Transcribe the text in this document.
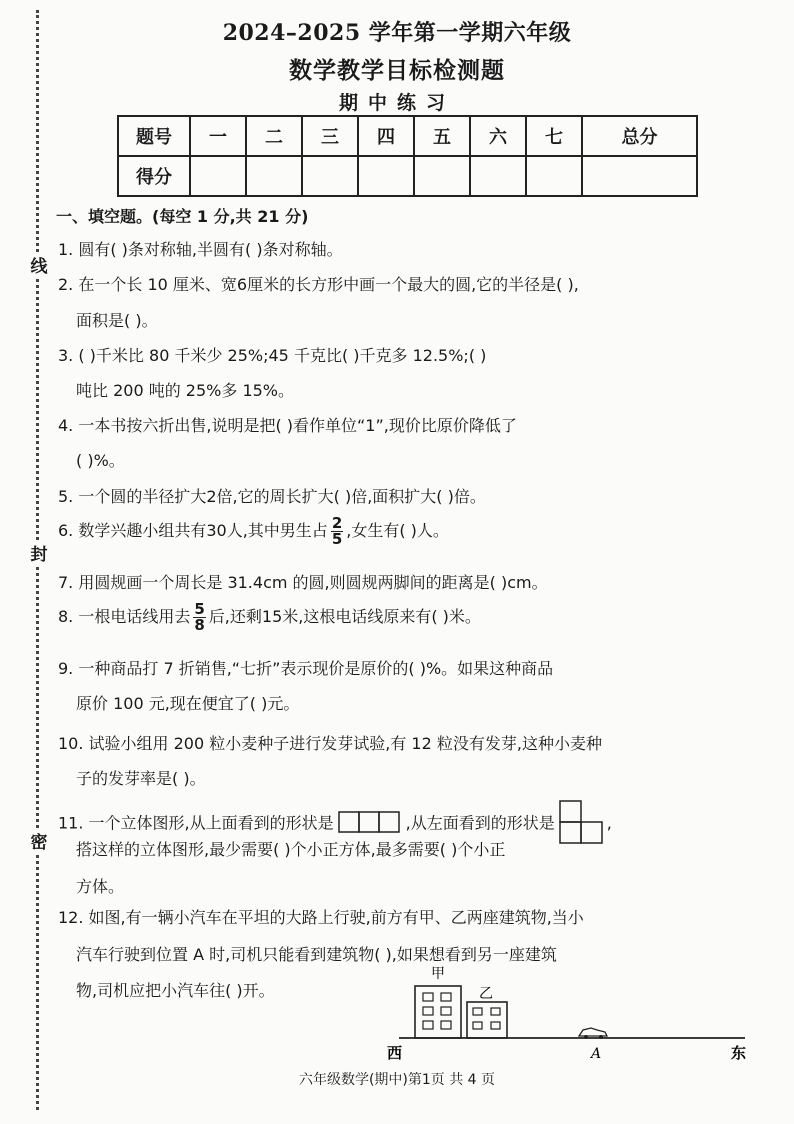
线
封
密
2024–2025 学年第一学期六年级
数学教学目标检测题
期中练习
题号	一	二	三	四	五	六	七	总分
得分								
一、填空题。(每空 1 分,共 21 分)
1. 圆有( )条对称轴,半圆有( )条对称轴。
2. 在一个长 10 厘米、宽6厘米的长方形中画一个最大的圆,它的半径是( ),
面积是( )。
3. ( )千米比 80 千米少 25%;45 千克比( )千克多 12.5%;( )
吨比 200 吨的 25%多 15%。
4. 一本书按六折出售,说明是把( )看作单位“1”,现价比原价降低了
( )%。
5. 一个圆的半径扩大2倍,它的周长扩大( )倍,面积扩大( )倍。
6. 数学兴趣小组共有30人,其中男生占 $\frac{2}{5}$ ,女生有( )人。
7. 用圆规画一个周长是 31.4cm 的圆,则圆规两脚间的距离是( )cm。
8. 一根电话线用去 $\frac{5}{8}$ 后,还剩15米,这根电话线原来有( )米。
9. 一种商品打 7 折销售,“七折”表示现价是原价的( )%。如果这种商品
原价 100 元,现在便宜了( )元。
10. 试验小组用 200 粒小麦种子进行发芽试验,有 12 粒没有发芽,这种小麦种
子的发芽率是( )。
11. 一个立体图形,从上面看到的形状是	,从左面看到的形状是	,
搭这样的立体图形,最少需要( )个小正方体,最多需要( )个小正
方体。
12. 如图,有一辆小汽车在平坦的大路上行驶,前方有甲、乙两座建筑物,当小
汽车行驶到位置 A 时,司机只能看到建筑物( ),如果想看到另一座建筑
物,司机应把小汽车往( )开。
甲
乙
西	A	东
六年级数学(期中)第1页 共 4 页
